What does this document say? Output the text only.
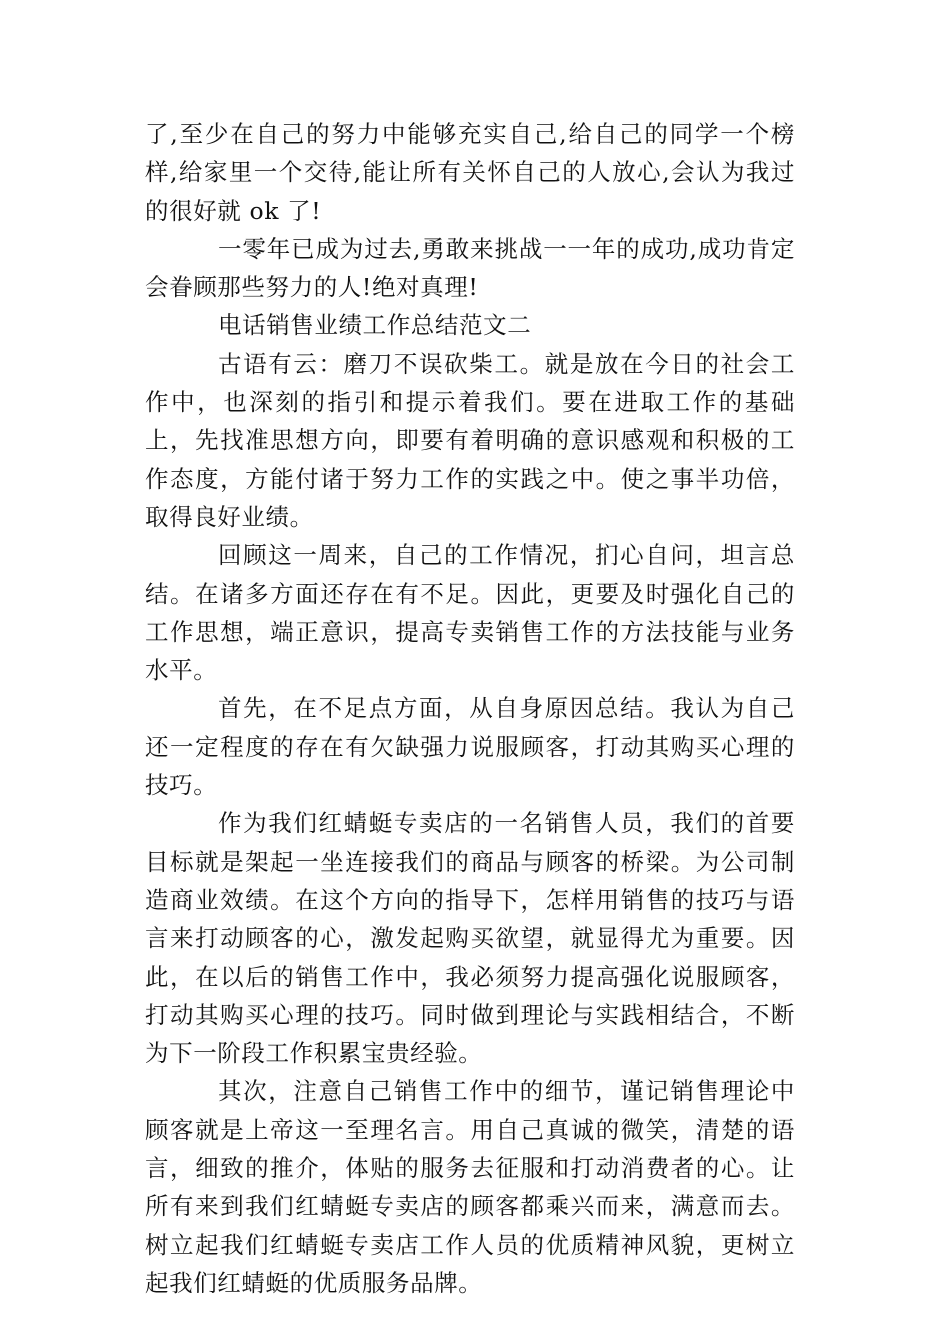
了,至少在自己的努力中能够充实自己,给自己的同学一个榜样,给家里一个交待,能让所有关怀自己的人放心,会认为我过的很好就 ok 了!

一零年已成为过去,勇敢来挑战一一年的成功,成功肯定会眷顾那些努力的人!绝对真理!

电话销售业绩工作总结范文二

古语有云：磨刀不误砍柴工。就是放在今日的社会工作中，也深刻的指引和提示着我们。要在进取工作的基础上，先找准思想方向，即要有着明确的意识感观和积极的工作态度，方能付诸于努力工作的实践之中。使之事半功倍，取得良好业绩。

回顾这一周来，自己的工作情况，扪心自问，坦言总结。在诸多方面还存在有不足。因此，更要及时强化自己的工作思想，端正意识，提高专卖销售工作的方法技能与业务水平。

首先，在不足点方面，从自身原因总结。我认为自己还一定程度的存在有欠缺强力说服顾客，打动其购买心理的技巧。

作为我们红蜻蜓专卖店的一名销售人员，我们的首要目标就是架起一坐连接我们的商品与顾客的桥梁。为公司制造商业效绩。在这个方向的指导下，怎样用销售的技巧与语言来打动顾客的心，激发起购买欲望，就显得尤为重要。因此，在以后的销售工作中，我必须努力提高强化说服顾客，打动其购买心理的技巧。同时做到理论与实践相结合，不断为下一阶段工作积累宝贵经验。

其次，注意自己销售工作中的细节，谨记销售理论中顾客就是上帝这一至理名言。用自己真诚的微笑，清楚的语言，细致的推介，体贴的服务去征服和打动消费者的心。让所有来到我们红蜻蜓专卖店的顾客都乘兴而来，满意而去。树立起我们红蜻蜓专卖店工作人员的优质精神风貌，更树立起我们红蜻蜓的优质服务品牌。
